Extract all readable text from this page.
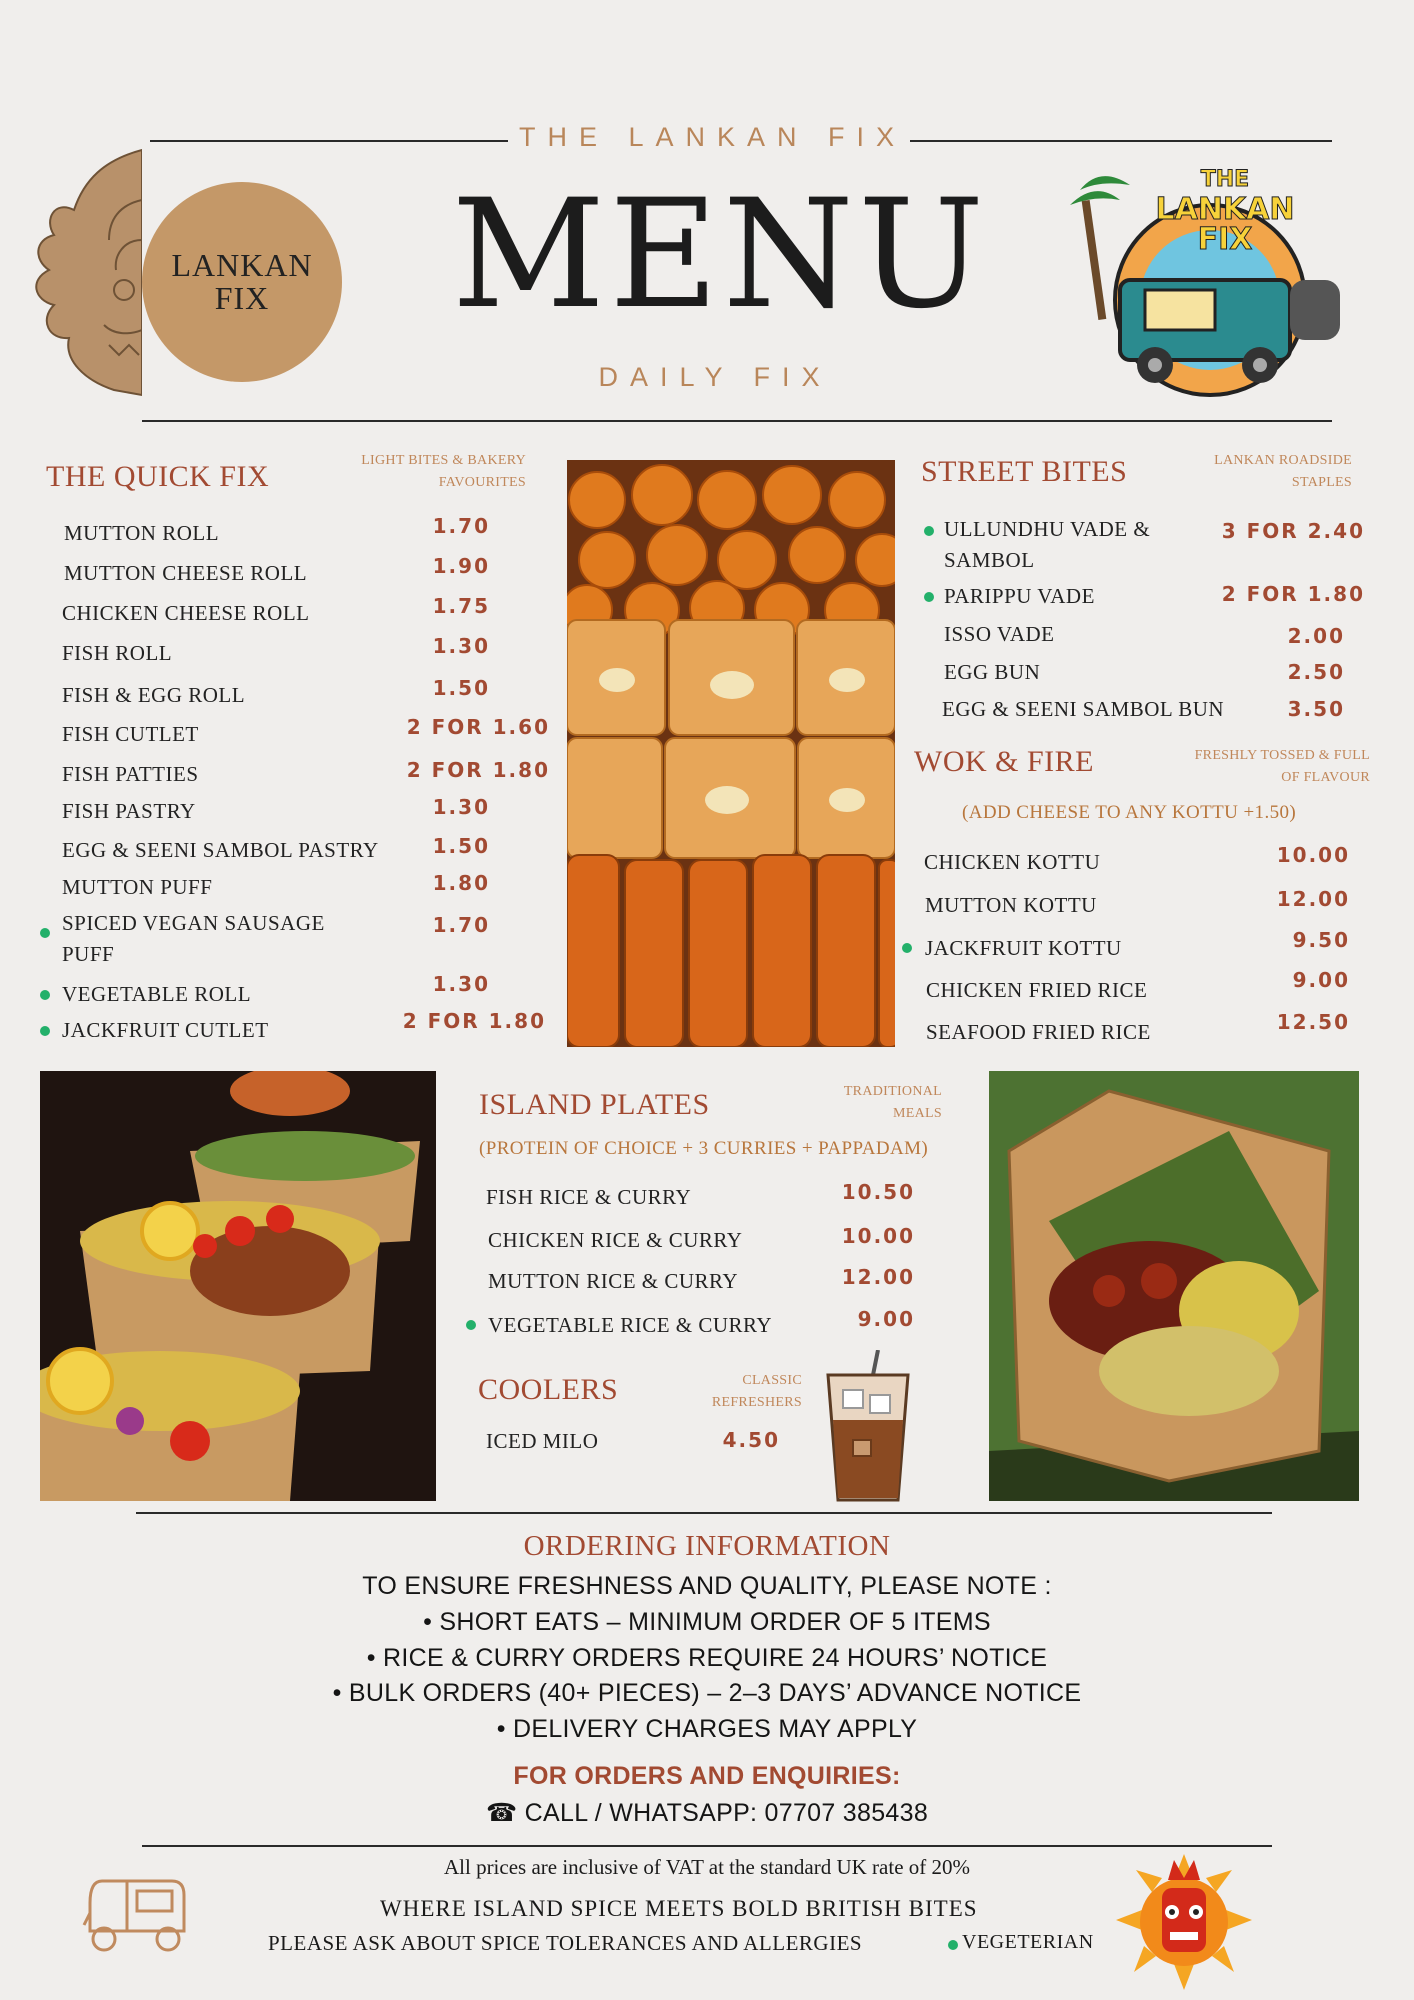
THE LANKAN FIX
MENU
DAILY FIX
LANKAN
FIX
THE
LANKAN
FIX
THE QUICK FIX	LIGHT BITES & BAKERY
FAVOURITES
MUTTON ROLL	1.70
MUTTON CHEESE ROLL	1.90
CHICKEN CHEESE ROLL	1.75
FISH ROLL	1.30
FISH & EGG ROLL	1.50
FISH CUTLET	2 FOR 1.60
FISH PATTIES	2 FOR 1.80
FISH PASTRY	1.30
EGG & SEENI SAMBOL PASTRY	1.50
MUTTON PUFF	1.80
SPICED VEGAN SAUSAGE
PUFF
1.70
VEGETABLE ROLL	1.30
JACKFRUIT CUTLET	2 FOR 1.80
STREET BITES	LANKAN ROADSIDE
STAPLES
ULLUNDHU VADE &
SAMBOL
3 FOR 2.40
PARIPPU VADE	2 FOR 1.80
ISSO VADE	2.00
EGG BUN	2.50
EGG & SEENI SAMBOL BUN	3.50
WOK & FIRE	FRESHLY TOSSED & FULL
OF FLAVOUR
(ADD CHEESE TO ANY KOTTU +1.50)
CHICKEN KOTTU	10.00
MUTTON KOTTU	12.00
JACKFRUIT KOTTU	9.50
CHICKEN FRIED RICE	9.00
SEAFOOD FRIED RICE	12.50
ISLAND PLATES	TRADITIONAL
MEALS
(PROTEIN OF CHOICE + 3 CURRIES + PAPPADAM)
FISH RICE & CURRY	10.50
CHICKEN RICE & CURRY	10.00
MUTTON RICE & CURRY	12.00
VEGETABLE RICE & CURRY	9.00
COOLERS	CLASSIC
REFRESHERS
ICED MILO	4.50
ORDERING INFORMATION
TO ENSURE FRESHNESS AND QUALITY, PLEASE NOTE :
• SHORT EATS – MINIMUM ORDER OF 5 ITEMS
• RICE & CURRY ORDERS REQUIRE 24 HOURS’ NOTICE
• BULK ORDERS (40+ PIECES) – 2–3 DAYS’ ADVANCE NOTICE
• DELIVERY CHARGES MAY APPLY
FOR ORDERS AND ENQUIRIES:
☎ CALL / WHATSAPP: 07707 385438
All prices are inclusive of VAT at the standard UK rate of 20%
WHERE ISLAND SPICE MEETS BOLD BRITISH BITES
PLEASE ASK ABOUT SPICE TOLERANCES AND ALLERGIES	VEGETERIAN
